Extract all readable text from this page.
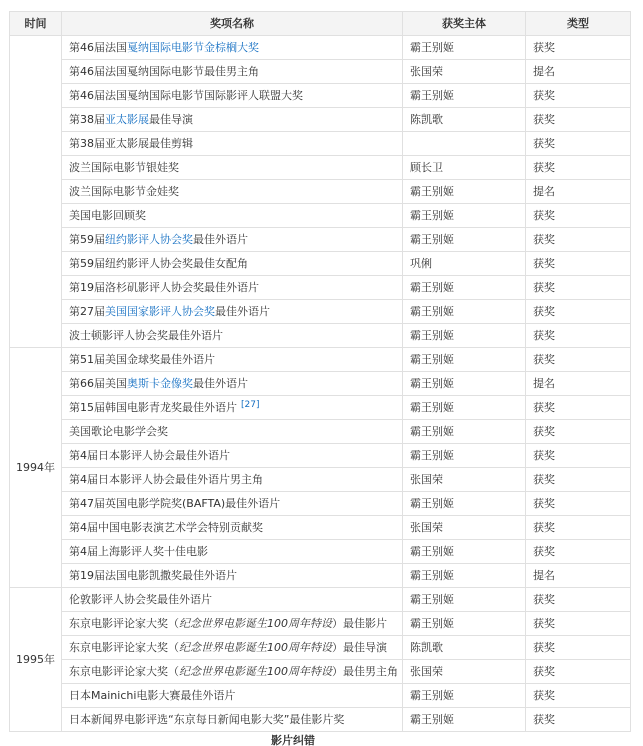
时间	奖项名称	获奖主体	类型
	第46届法国戛纳国际电影节金棕榈大奖	霸王别姬	获奖
	第46届法国戛纳国际电影节最佳男主角	张国荣	提名
	第46届法国戛纳国际电影节国际影评人联盟大奖	霸王别姬	获奖
	第38届亚太影展最佳导演	陈凯歌	获奖
	第38届亚太影展最佳剪辑		获奖
	波兰国际电影节银娃奖	顾长卫	获奖
	波兰国际电影节金娃奖	霸王别姬	提名
	美国电影回顾奖	霸王别姬	获奖
	第59届纽约影评人协会奖最佳外语片	霸王别姬	获奖
	第59届纽约影评人协会奖最佳女配角	巩俐	获奖
	第19届洛杉矶影评人协会奖最佳外语片	霸王别姬	获奖
	第27届美国国家影评人协会奖最佳外语片	霸王别姬	获奖
	波士顿影评人协会奖最佳外语片	霸王别姬	获奖
1994年	第51届美国金球奖最佳外语片	霸王别姬	获奖
	第66届美国奥斯卡金像奖最佳外语片	霸王别姬	提名
	第15届韩国电影青龙奖最佳外语片 [27]	霸王别姬	获奖
	美国歌论电影学会奖	霸王别姬	获奖
	第4届日本影评人协会最佳外语片	霸王别姬	获奖
	第4届日本影评人协会最佳外语片男主角	张国荣	获奖
	第47届英国电影学院奖(BAFTA)最佳外语片	霸王别姬	获奖
	第4届中国电影表演艺术学会特别贡献奖	张国荣	获奖
	第4届上海影评人奖十佳电影	霸王别姬	获奖
	第19届法国电影凯撒奖最佳外语片	霸王别姬	提名
1995年	伦敦影评人协会奖最佳外语片	霸王别姬	获奖
	东京电影评论家大奖（纪念世界电影诞生100周年特设）最佳影片	霸王别姬	获奖
	东京电影评论家大奖（纪念世界电影诞生100周年特设）最佳导演	陈凯歌	获奖
	东京电影评论家大奖（纪念世界电影诞生100周年特设）最佳男主角	张国荣	获奖
	日本Mainichi电影大赛最佳外语片	霸王别姬	获奖
	日本新闻界电影评选“东京每日新闻电影大奖”最佳影片奖	霸王别姬	获奖
影片纠错
